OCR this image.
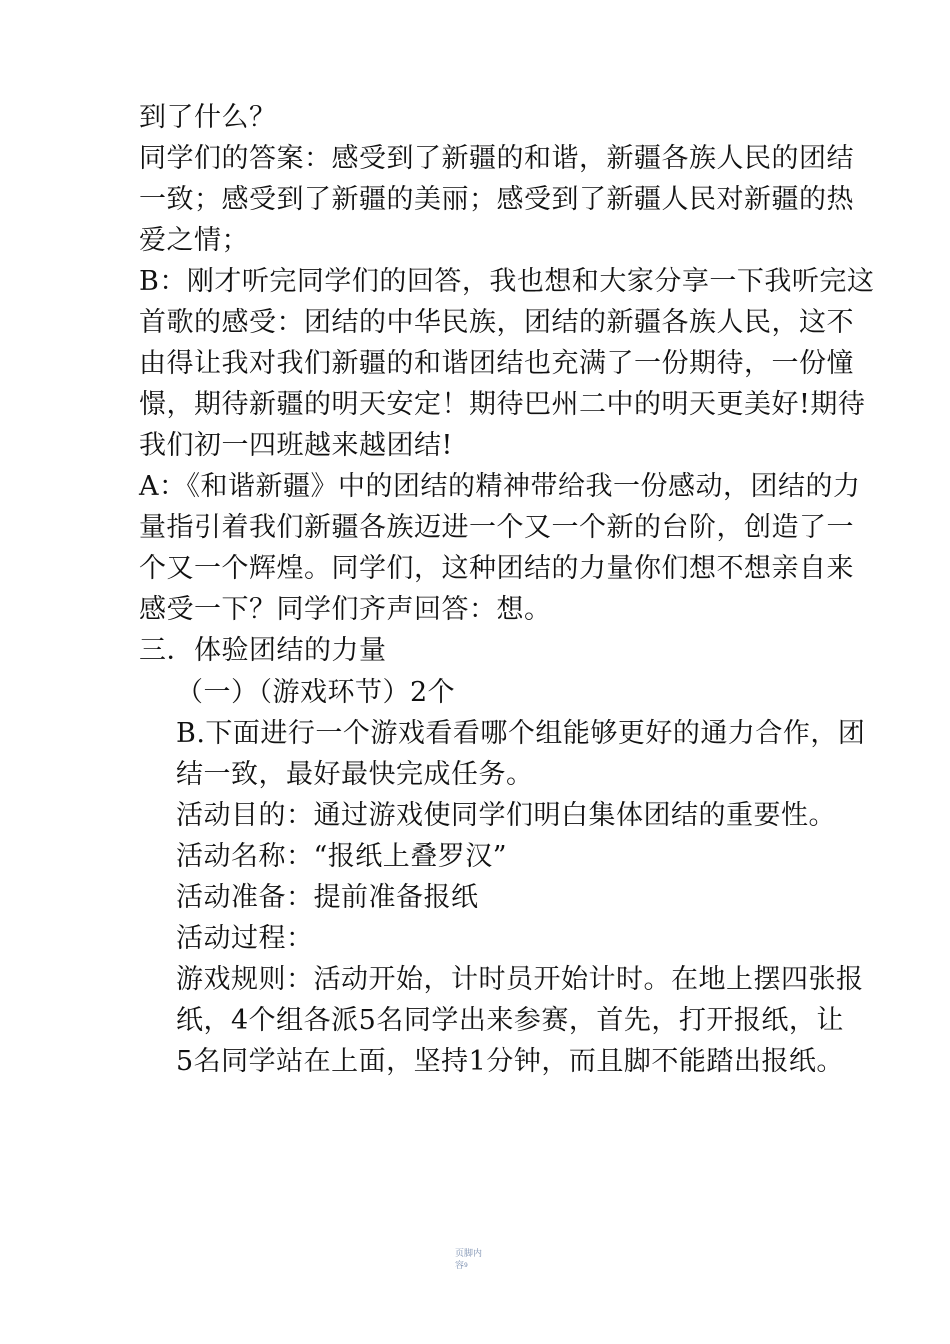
到了什么？
同学们的答案：感受到了新疆的和谐，新疆各族人民的团结
一致；感受到了新疆的美丽；感受到了新疆人民对新疆的热
爱之情；
B：刚才听完同学们的回答，我也想和大家分享一下我听完这
首歌的感受：团结的中华民族，团结的新疆各族人民，这不
由得让我对我们新疆的和谐团结也充满了一份期待，一份憧
憬，期待新疆的明天安定！期待巴州二中的明天更美好!期待
我们初一四班越来越团结!
A：《和谐新疆》中的团结的精神带给我一份感动，团结的力
量指引着我们新疆各族迈进一个又一个新的台阶，创造了一
个又一个辉煌。同学们，这种团结的力量你们想不想亲自来
感受一下？同学们齐声回答：想。
三．体验团结的力量
（一）（游戏环节）2个
B.下面进行一个游戏看看哪个组能够更好的通力合作，团
结一致，最好最快完成任务。
活动目的：通过游戏使同学们明白集体团结的重要性。
活动名称：“报纸上叠罗汉”
活动准备：提前准备报纸
活动过程：
游戏规则：活动开始，计时员开始计时。在地上摆四张报
纸，4个组各派5名同学出来参赛，首先，打开报纸，让
5名同学站在上面，坚持1分钟，而且脚不能踏出报纸。
页脚内
容$^9$
